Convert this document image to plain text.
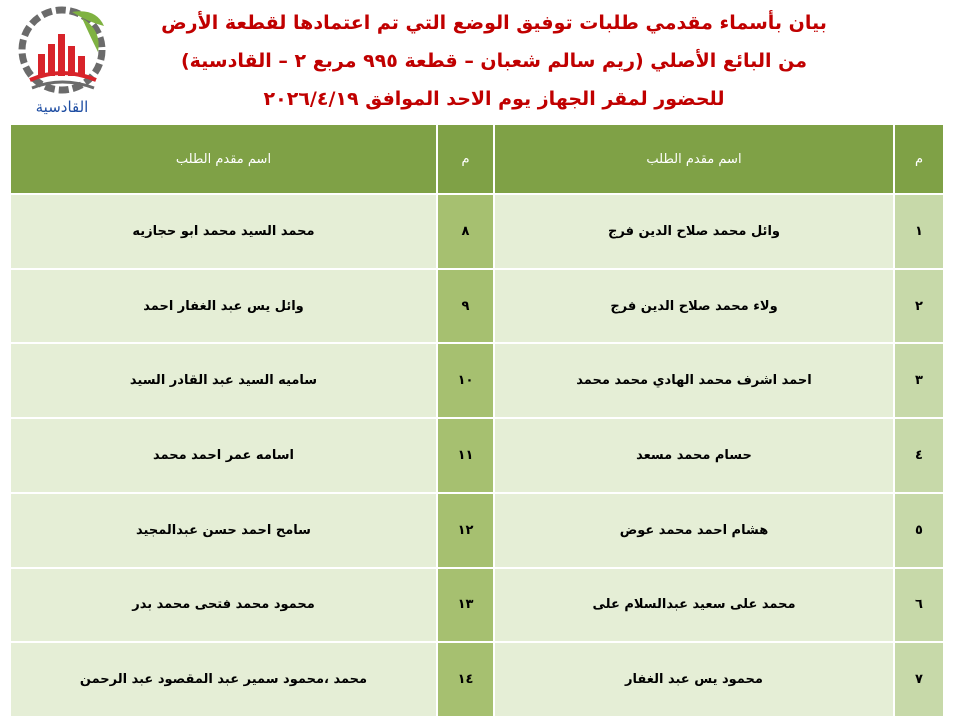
القادسية
بيان بأسماء مقدمي طلبات توفيق الوضع التي تم اعتمادها لقطعة الأرض
من البائع الأصلي (ريم سالم شعبان – قطعة ٩٩٥ مربع ٢ – القادسية)
للحضور لمقر الجهاز يوم الاحد الموافق ٢٠٢٦/٤/١٩
م	اسم مقدم الطلب	م	اسم مقدم الطلب
١	وائل محمد صلاح الدين فرج	٨	محمد السيد محمد ابو حجازيه
٢	ولاء محمد صلاح الدين فرج	٩	وائل يس عبد الغفار احمد
٣	احمد اشرف محمد الهادي محمد محمد	١٠	ساميه السيد عبد القادر السيد
٤	حسام محمد مسعد	١١	اسامه عمر احمد محمد
٥	هشام احمد محمد عوض	١٢	سامح احمد حسن عبدالمجيد
٦	محمد على سعيد عبدالسلام على	١٣	محمود محمد فتحى محمد بدر
٧	محمود يس عبد الغفار	١٤	محمد ،محمود سمير عبد المقصود عبد الرحمن
